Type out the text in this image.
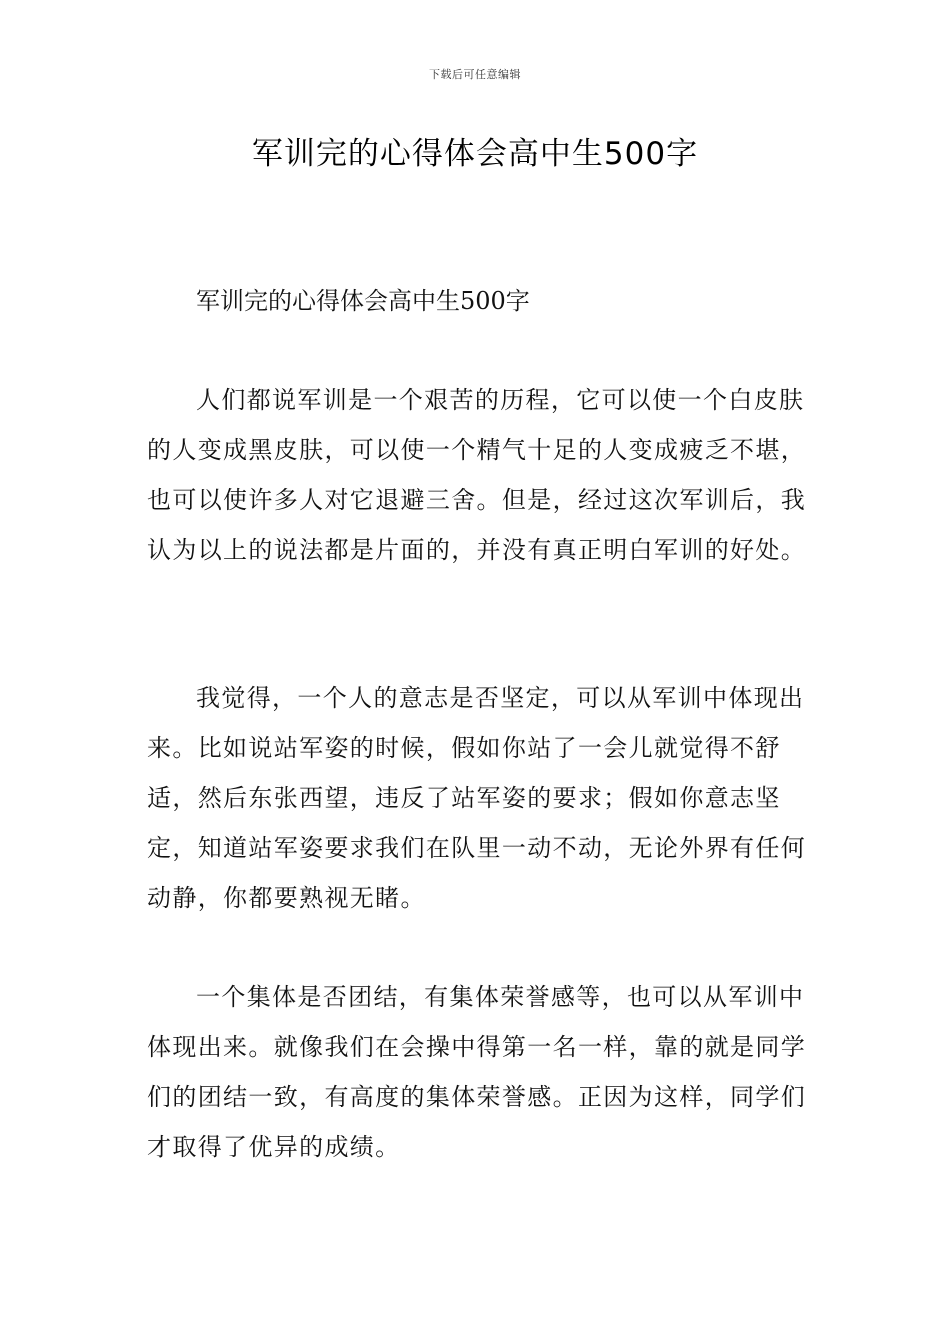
下载后可任意编辑
军训完的心得体会高中生500字
军训完的心得体会高中生500字

人们都说军训是一个艰苦的历程，它可以使一个白皮肤的人变成黑皮肤，可以使一个精气十足的人变成疲乏不堪，也可以使许多人对它退避三舍。但是，经过这次军训后，我认为以上的说法都是片面的，并没有真正明白军训的好处。

我觉得，一个人的意志是否坚定，可以从军训中体现出来。比如说站军姿的时候，假如你站了一会儿就觉得不舒适，然后东张西望，违反了站军姿的要求；假如你意志坚定，知道站军姿要求我们在队里一动不动，无论外界有任何动静，你都要熟视无睹。

一个集体是否团结，有集体荣誉感等，也可以从军训中体现出来。就像我们在会操中得第一名一样，靠的就是同学们的团结一致，有高度的集体荣誉感。正因为这样，同学们才取得了优异的成绩。
